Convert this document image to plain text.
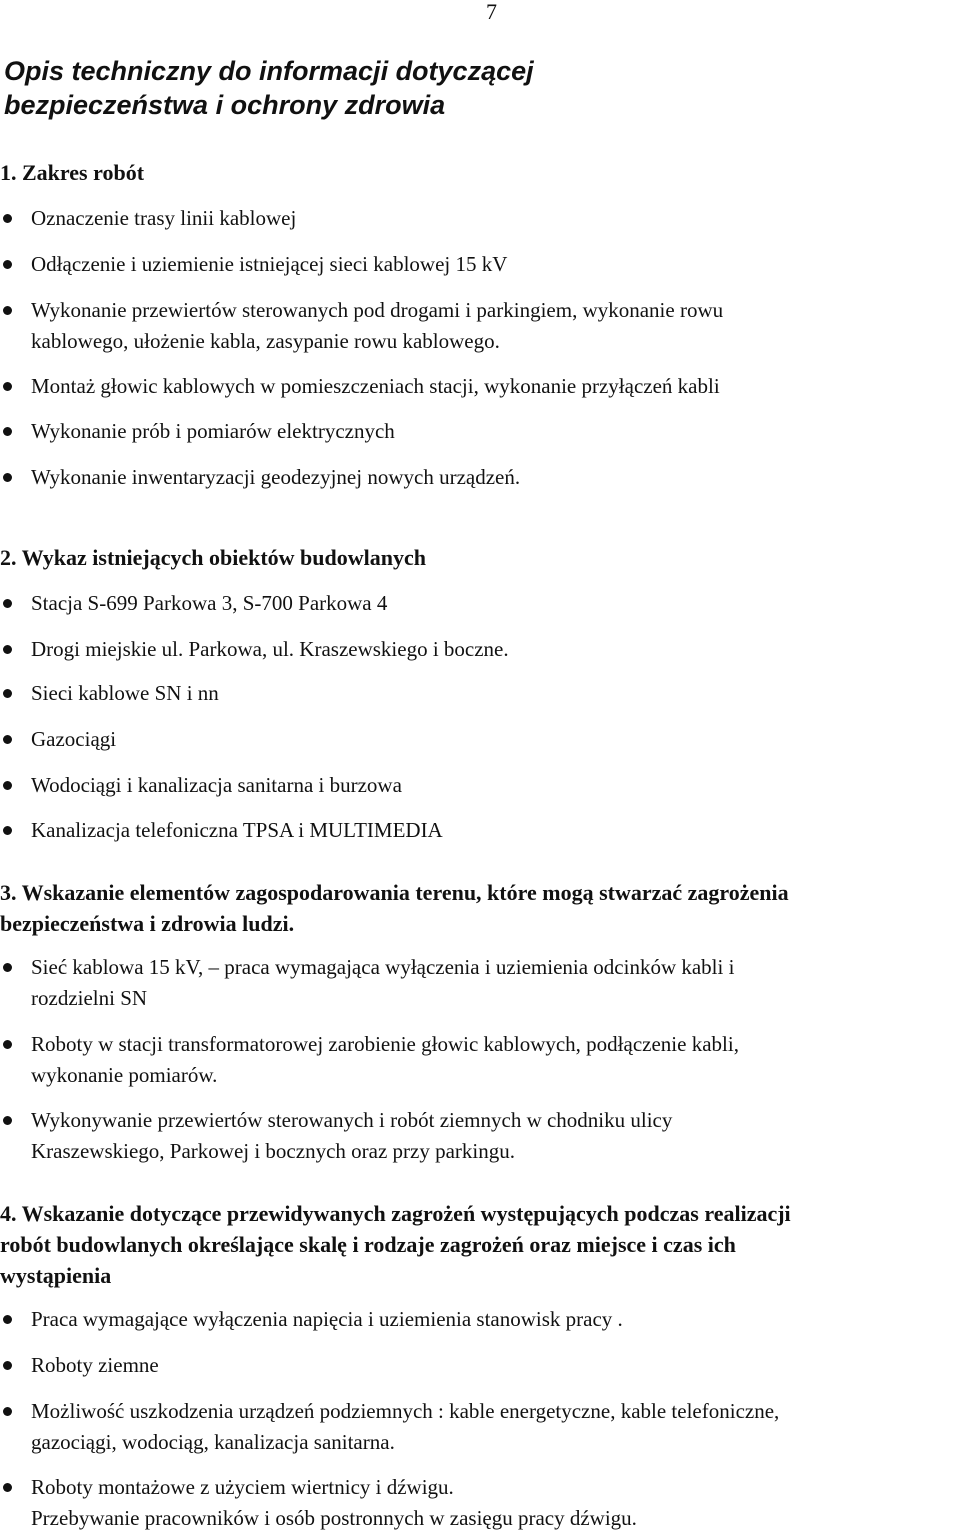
7
Opis techniczny do informacji dotyczącej
bezpieczeństwa i ochrony zdrowia
1. Zakres robót
Oznaczenie trasy linii kablowej
Odłączenie i uziemienie istniejącej sieci kablowej 15 kV
Wykonanie przewiertów sterowanych pod drogami i parkingiem, wykonanie rowu
kablowego, ułożenie kabla, zasypanie rowu kablowego.
Montaż głowic kablowych w pomieszczeniach stacji, wykonanie przyłączeń kabli
Wykonanie prób i pomiarów elektrycznych
Wykonanie inwentaryzacji geodezyjnej nowych urządzeń.
2. Wykaz istniejących obiektów budowlanych
Stacja S-699 Parkowa 3, S-700 Parkowa 4
Drogi miejskie ul. Parkowa, ul. Kraszewskiego i boczne.
Sieci kablowe SN i nn
Gazociągi
Wodociągi i kanalizacja sanitarna i burzowa
Kanalizacja telefoniczna TPSA i MULTIMEDIA
3. Wskazanie elementów zagospodarowania terenu, które mogą stwarzać zagrożenia
bezpieczeństwa i zdrowia ludzi.
Sieć kablowa 15 kV, – praca wymagająca wyłączenia i uziemienia odcinków kabli i
rozdzielni SN
Roboty w stacji transformatorowej zarobienie głowic kablowych, podłączenie kabli,
wykonanie pomiarów.
Wykonywanie przewiertów sterowanych i robót ziemnych w chodniku ulicy
Kraszewskiego, Parkowej i bocznych oraz przy parkingu.
4. Wskazanie dotyczące przewidywanych zagrożeń występujących podczas realizacji
robót budowlanych określające skalę i rodzaje zagrożeń oraz miejsce i czas ich
wystąpienia
Praca wymagające wyłączenia napięcia i uziemienia stanowisk pracy .
Roboty ziemne
Możliwość uszkodzenia urządzeń podziemnych : kable energetyczne, kable telefoniczne,
gazociągi, wodociąg, kanalizacja sanitarna.
Roboty montażowe z użyciem wiertnicy i dźwigu.
Przebywanie pracowników i osób postronnych w zasięgu pracy dźwigu.
